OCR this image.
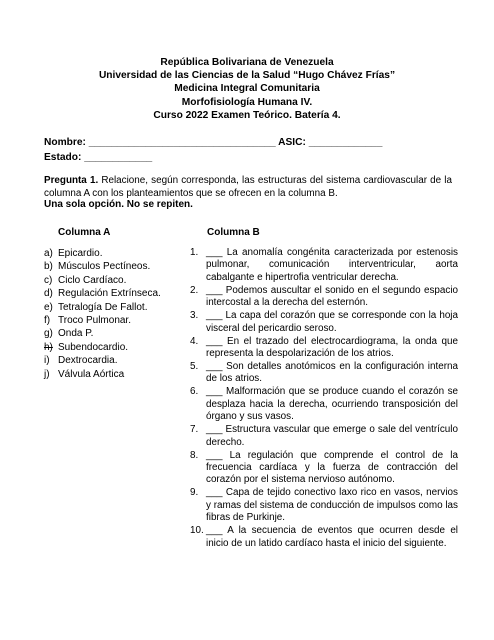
República Bolivariana de Venezuela
Universidad de las Ciencias de la Salud “Hugo Chávez Frías”
Medicina Integral Comunitaria
Morfofisiología Humana IV.
Curso 2022 Examen Teórico. Batería 4.
Nombre: _________________________________ ASIC: _____________
Estado: ____________
Pregunta 1. Relacione, según corresponda, las estructuras del sistema cardiovascular de la columna A con los planteamientos que se ofrecen en la columna B.
Una sola opción. No se repiten.
Columna A	Columna B
a) Epicardio.
b) Músculos Pectíneos.
c) Ciclo Cardíaco.
d) Regulación Extrínseca.
e) Tetralogía De Fallot.
f) Troco Pulmonar.
g) Onda P.
h) Subendocardio.
i) Dextrocardia.
j) Válvula Aórtica
1. ___ La anomalía congénita caracterizada por estenosis pulmonar, comunicación interventricular, aorta cabalgante e hipertrofia ventricular derecha.
2. ___ Podemos auscultar el sonido en el segundo espacio intercostal a la derecha del esternón.
3. ___ La capa del corazón que se corresponde con la hoja visceral del pericardio seroso.
4. ___ En el trazado del electrocardiograma, la onda que representa la despolarización de los atrios.
5. ___ Son detalles anotómicos en la configuración interna de los atrios.
6. ___ Malformación que se produce cuando el corazón se desplaza hacia la derecha, ocurriendo transposición del órgano y sus vasos.
7. ___ Estructura vascular que emerge o sale del ventrículo derecho.
8. ___ La regulación que comprende el control de la frecuencia cardíaca y la fuerza de contracción del corazón por el sistema nervioso autónomo.
9. ___ Capa de tejido conectivo laxo rico en vasos, nervios y ramas del sistema de conducción de impulsos como las fibras de Purkinje.
10. ___ A la secuencia de eventos que ocurren desde el inicio de un latido cardíaco hasta el inicio del siguiente.
